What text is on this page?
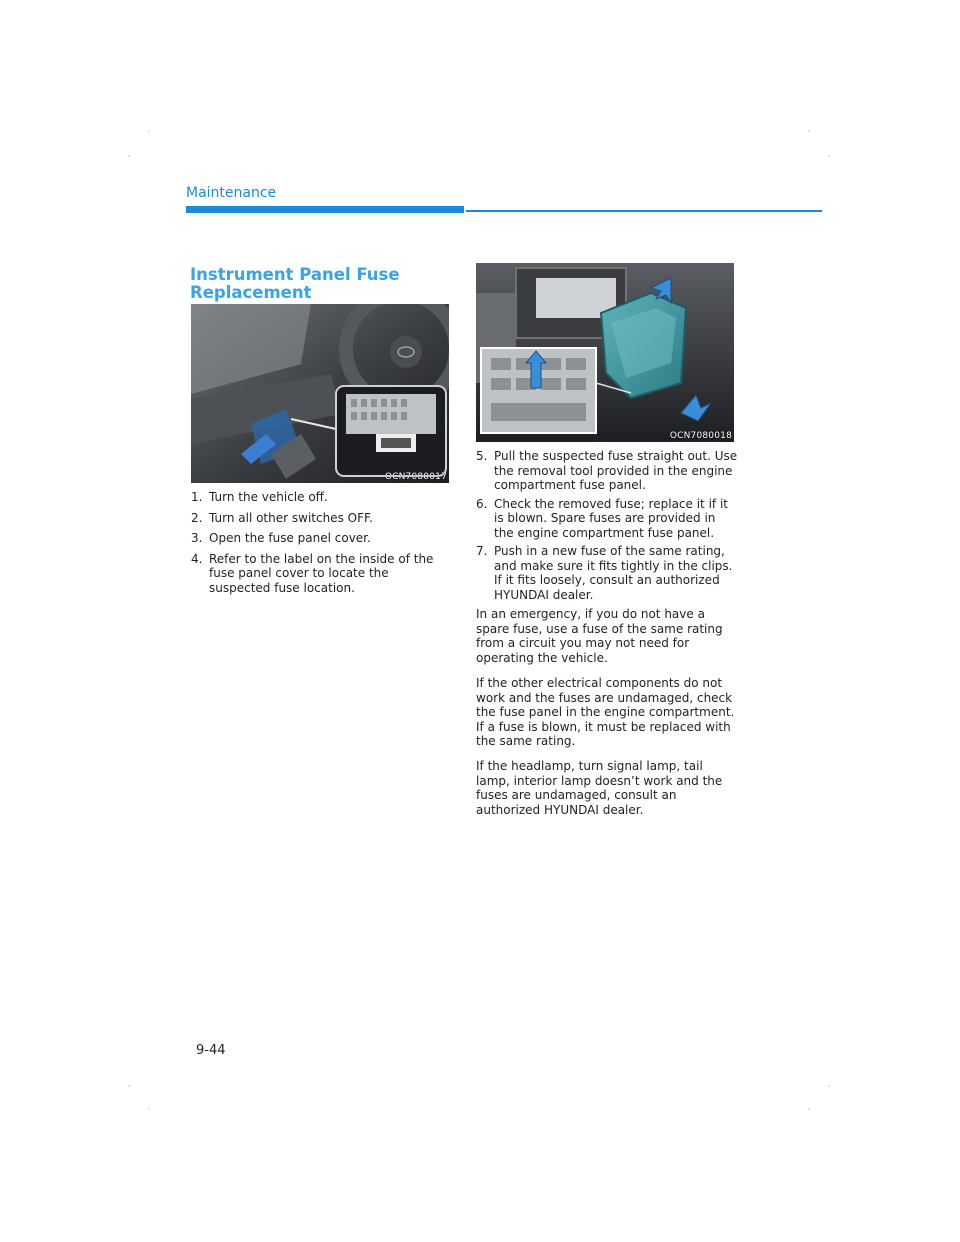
Maintenance
Instrument Panel Fuse
Replacement
OCN7080017
OCN7080018
1. Turn the vehicle off.
2. Turn all other switches OFF.
3. Open the fuse panel cover.
4. Refer to the label on the inside of the fuse panel cover to locate the suspected fuse location.
5. Pull the suspected fuse straight out. Use the removal tool provided in the engine compartment fuse panel.
6. Check the removed fuse; replace it if it is blown. Spare fuses are provided in the engine compartment fuse panel.
7. Push in a new fuse of the same rating, and make sure it fits tightly in the clips. If it fits loosely, consult an authorized HYUNDAI dealer.
In an emergency, if you do not have a spare fuse, use a fuse of the same rating from a circuit you may not need for operating the vehicle.
If the other electrical components do not work and the fuses are undamaged, check the fuse panel in the engine compartment. If a fuse is blown, it must be replaced with the same rating.
If the headlamp, turn signal lamp, tail lamp, interior lamp doesn’t work and the fuses are undamaged, consult an authorized HYUNDAI dealer.
9-44
